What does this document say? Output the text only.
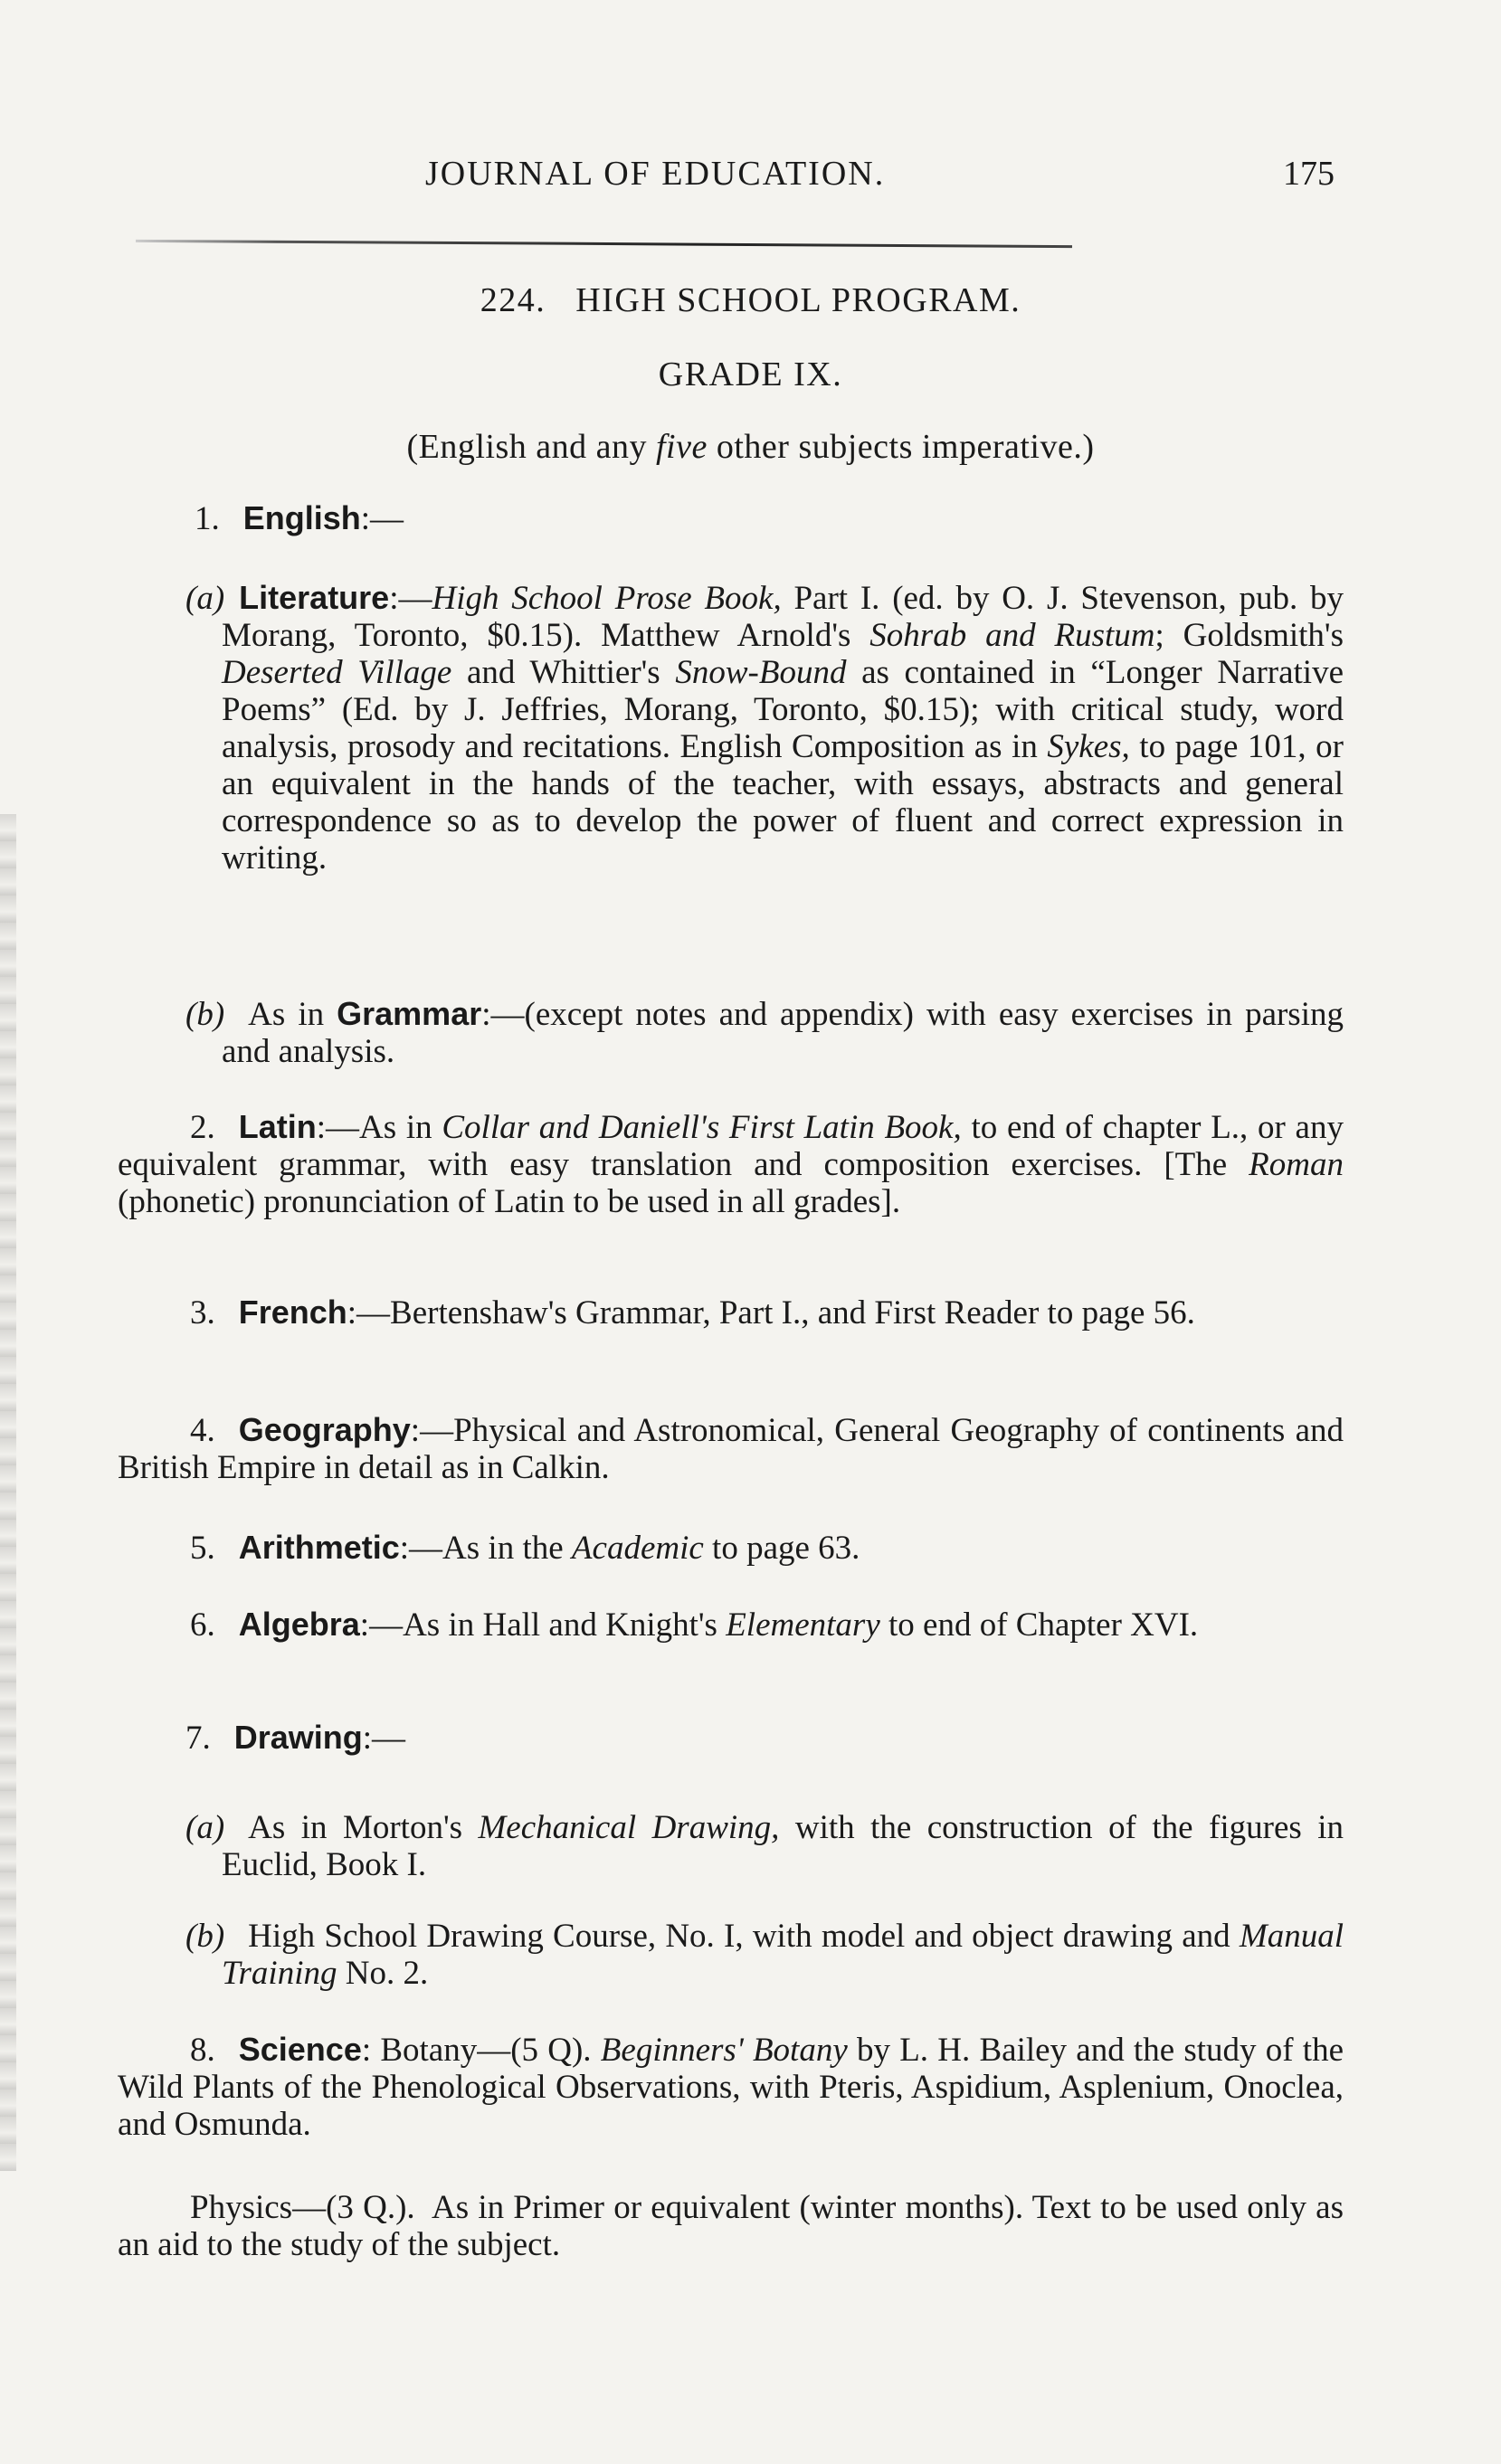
JOURNAL OF EDUCATION.	175
224.   HIGH SCHOOL PROGRAM.
GRADE IX.
(English and any five other subjects imperative.)
1. English:—
(a) Literature:—High School Prose Book, Part I. (ed. by O. J. Stevenson, pub. by Morang, Toronto, $0.15). Matthew Arnold's Sohrab and Rustum; Goldsmith's Deserted Village and Whittier's Snow-Bound as contained in “Longer Narrative Poems” (Ed. by J. Jeffries, Morang, Toronto, $0.15); with critical study, word analysis, prosody and recitations. English Composition as in Sykes, to page 101, or an equivalent in the hands of the teacher, with essays, abstracts and general correspondence so as to develop the power of fluent and correct expression in writing.
(b) As in Grammar:—(except notes and appendix) with easy exercises in parsing and analysis.
2. Latin:—As in Collar and Daniell's First Latin Book, to end of chapter L., or any equivalent grammar, with easy translation and composition exercises. [The Roman (phonetic) pronunciation of Latin to be used in all grades].
3. French:—Bertenshaw's Grammar, Part I., and First Reader to page 56.
4. Geography:—Physical and Astronomical, General Geography of continents and British Empire in detail as in Calkin.
5. Arithmetic:—As in the Academic to page 63.
6. Algebra:—As in Hall and Knight's Elementary to end of Chapter XVI.
7. Drawing:—
(a) As in Morton's Mechanical Drawing, with the construction of the figures in Euclid, Book I.
(b) High School Drawing Course, No. I, with model and object drawing and Manual Training No. 2.
8. Science: Botany—(5 Q). Beginners' Botany by L. H. Bailey and the study of the Wild Plants of the Phenological Observations, with Pteris, Aspidium, Asplenium, Onoclea, and Osmunda.
Physics—(3 Q.).  As in Primer or equivalent (winter months). Text to be used only as an aid to the study of the subject.
